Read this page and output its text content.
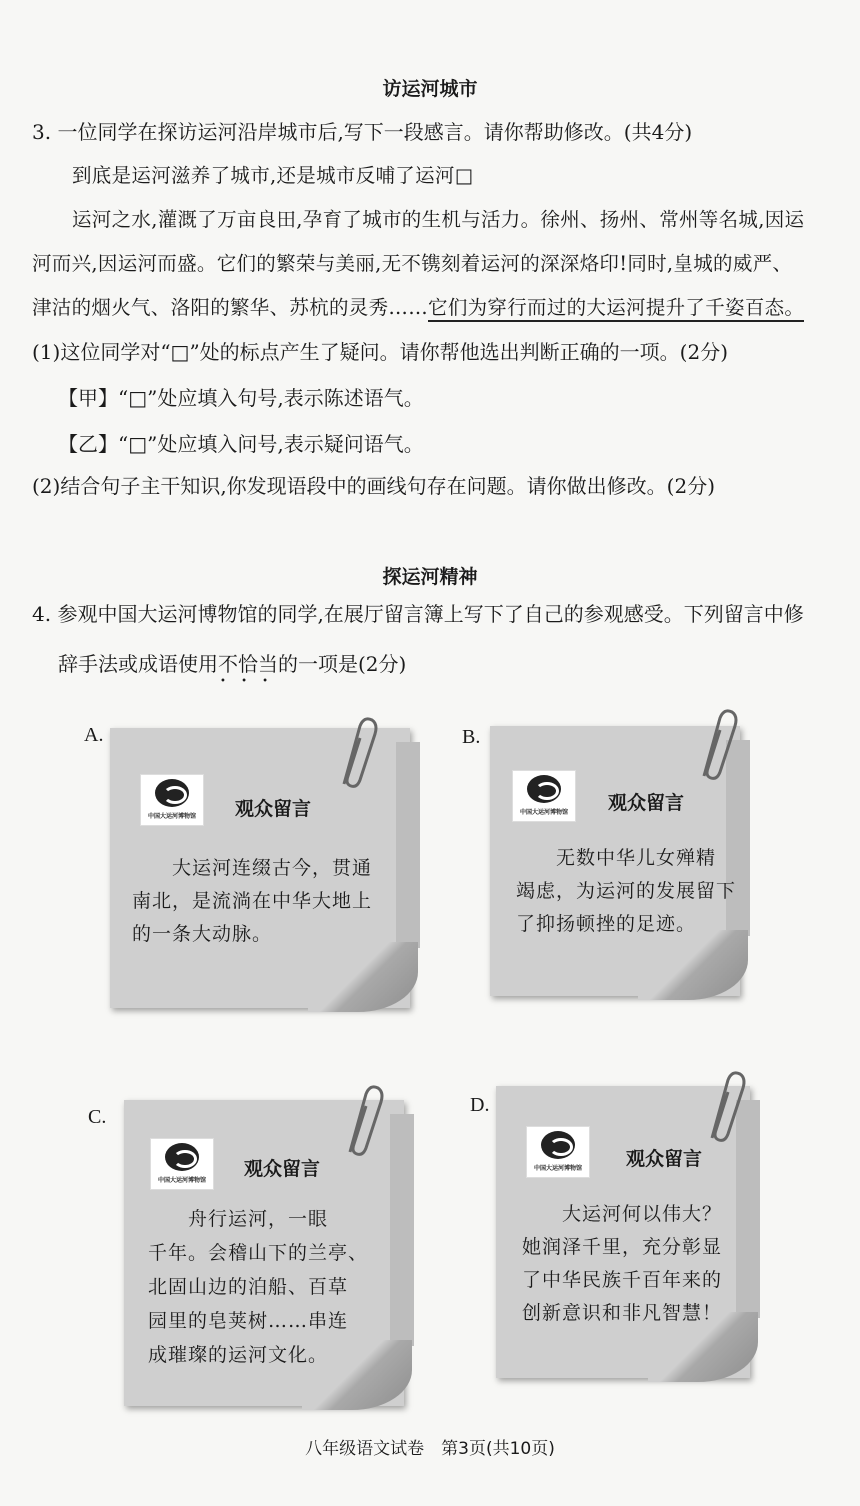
访运河城市
3. 一位同学在探访运河沿岸城市后,写下一段感言。请你帮助修改。(共4分)
到底是运河滋养了城市,还是城市反哺了运河□
运河之水,灌溉了万亩良田,孕育了城市的生机与活力。徐州、扬州、常州等名城,因运
河而兴,因运河而盛。它们的繁荣与美丽,无不镌刻着运河的深深烙印!同时,皇城的威严、
津沽的烟火气、洛阳的繁华、苏杭的灵秀……它们为穿行而过的大运河提升了千姿百态。
(1)这位同学对“□”处的标点产生了疑问。请你帮他选出判断正确的一项。(2分)
【甲】“□”处应填入句号,表示陈述语气。
【乙】“□”处应填入问号,表示疑问语气。
(2)结合句子主干知识,你发现语段中的画线句存在问题。请你做出修改。(2分)
探运河精神
4. 参观中国大运河博物馆的同学,在展厅留言簿上写下了自己的参观感受。下列留言中修
辞手法或成语使用不恰当 • • •的一项是(2分)
A.
中国大运河博物馆	观众留言
　　大运河连缀古今，贯通
南北，是流淌在中华大地上
的一条大动脉。
B.
中国大运河博物馆	观众留言
　　无数中华儿女殚精
竭虑，为运河的发展留下
了抑扬顿挫的足迹。
C.
中国大运河博物馆
观众留言
　　舟行运河，一眼
千年。会稽山下的兰亭、
北固山边的泊船、百草
园里的皂荚树……串连
成璀璨的运河文化。
D.
中国大运河博物馆	观众留言
　　大运河何以伟大？
她润泽千里，充分彰显
了中华民族千百年来的
创新意识和非凡智慧！
八年级语文试卷　第3页(共10页)
